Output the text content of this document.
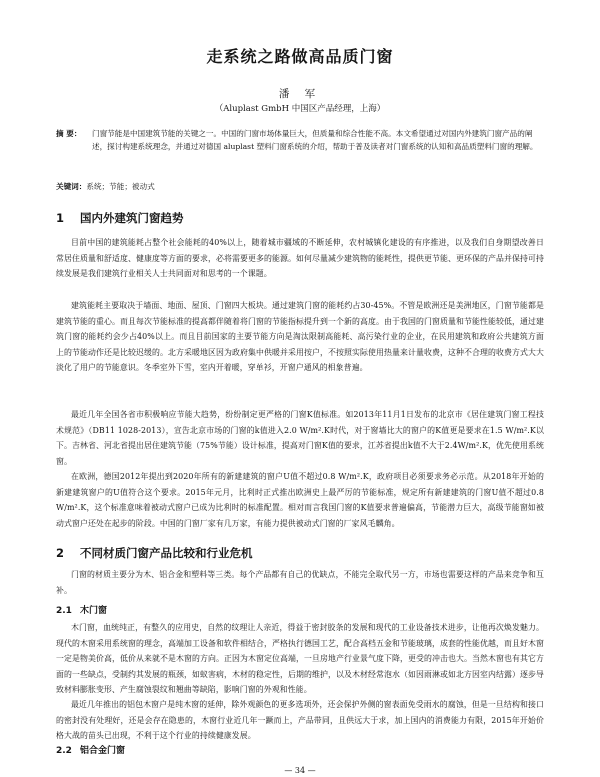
走系统之路做高品质门窗
潘 军
（Aluplast GmbH 中国区产品经理，上海）
摘 要： 门窗节能是中国建筑节能的关键之一。中国的门窗市场体量巨大，但质量和综合性能不高。本文希望通过对国内外建筑门窗产品的阐述，探讨构建系统理念，并通过对德国 aluplast 塑料门窗系统的介绍，帮助于普及读者对门窗系统的认知和高品质塑料门窗的理解。
关键词：系统；节能；被动式
1 国内外建筑门窗趋势
目前中国的建筑能耗占整个社会能耗的40%以上，随着城市疆域的不断延伸，农村城镇化建设的有序推进，以及我们自身期望改善日常居住质量和舒适度、健康度等方面的要求，必将需要更多的能源。如何尽量减少建筑物的能耗性，提供更节能、更环保的产品并保持可持续发展是我们建筑行业相关人士共同面对和思考的一个课题。
建筑能耗主要取决于墙面、地面、屋顶、门窗四大板块。通过建筑门窗的能耗约占30-45%。不管是欧洲还是美洲地区，门窗节能都是建筑节能的重心。而且每次节能标准的提高都伴随着将门窗的节能指标提升到一个新的高度。由于我国的门窗质量和节能性能较低，通过建筑门窗的能耗约会少占40%以上。而且目前国家的主要节能方向是淘汰限制高能耗、高污染行业的企业，在民用建筑和政府公共建筑方面上的节能动作还是比较迟缓的。北方采暖地区因为政府集中供暖并采用按户，不按照实际使用热量来计量收费，这种不合理的收费方式大大淡化了用户的节能意识。冬季室外下雪，室内开着暖，穿单衫，开窗户通风的相象普遍。
最近几年全国各省市积极响应节能大趋势，纷纷制定更严格的门窗K值标准。如2013年11月1日发布的北京市《居住建筑门窗工程技术规范》（DB11 1028-2013），宣告北京市场的门窗的k值进入2.0 W/m².K时代，对于窗墙比大的窗户的K值更是要求在1.5 W/m².K以下。吉林省、河北省提出居住建筑节能（75%节能）设计标准，提高对门窗K值的要求，江苏省提出k值不大于2.4W/m².K，优先使用系统窗。
在欧洲，德国2012年提出到2020年所有的新建建筑的窗户U值不超过0.8 W/m².K，政府项目必须要求务必示范。从2018年开始的新建建筑窗户的U值符合这个要求。2015年元月，比利时正式推出欧洲史上最严厉的节能标准，规定所有新建建筑的门窗U值不超过0.8 W/m².K，这个标准意味着被动式窗户已成为比利时的标准配置。相对而言我国门窗的K值要求普遍偏高，节能潜力巨大，高级节能窗如被动式窗户还处在起步的阶段。中国的门窗厂家有几万家，有能力提供被动式门窗的厂家风毛麟角。
2 不同材质门窗产品比较和行业危机
门窗的材质主要分为木、铝合金和塑料等三类。每个产品都有自己的优缺点，不能完全取代另一方，市场也需要这样的产品来竞争和互补。
2.1 木门窗
木门窗，血统纯正，有整久的应用史，自然的纹理让人亲近，得益于密封胶条的发展和现代的工业设备技术进步，让他再次焕发魅力。现代的木窗采用系统窗的理念，高端加工设备和软件相结合，严格执行德国工艺，配合高档五金和节能玻璃，成套的性能优越，而且好木窗一定是物美价高，低价从来就不是木窗的方向。正因为木窗定位高端，一旦房地产行业景气度下降，更受的冲击也大。当然木窗也有其它方面的一些缺点，受制约其发展的瓶颈，如蚁害病，木材的稳定性，后期的维护，以及木材经常泡水（如因雨淋或如北方因室内结露）逐步导致材料膨胀变形、产生腐蚀裂纹和翘曲等缺陷，影响门窗的外观和性能。
最近几年推出的铝包木窗户是纯木窗的延伸，除外观颜色的更多选项外，还会保护外侧的窗表面免受雨水的腐蚀，但是一旦结构和接口的密封没有处理好，还是会存在隐患的，木窗行业近几年一蹶而上，产品带同，且供远大于求，加上国内的消费能力有限，2015年开始价格大战的苗头已出现，不利于这个行业的持续健康发展。
2.2 铝合金门窗
— 34 —
